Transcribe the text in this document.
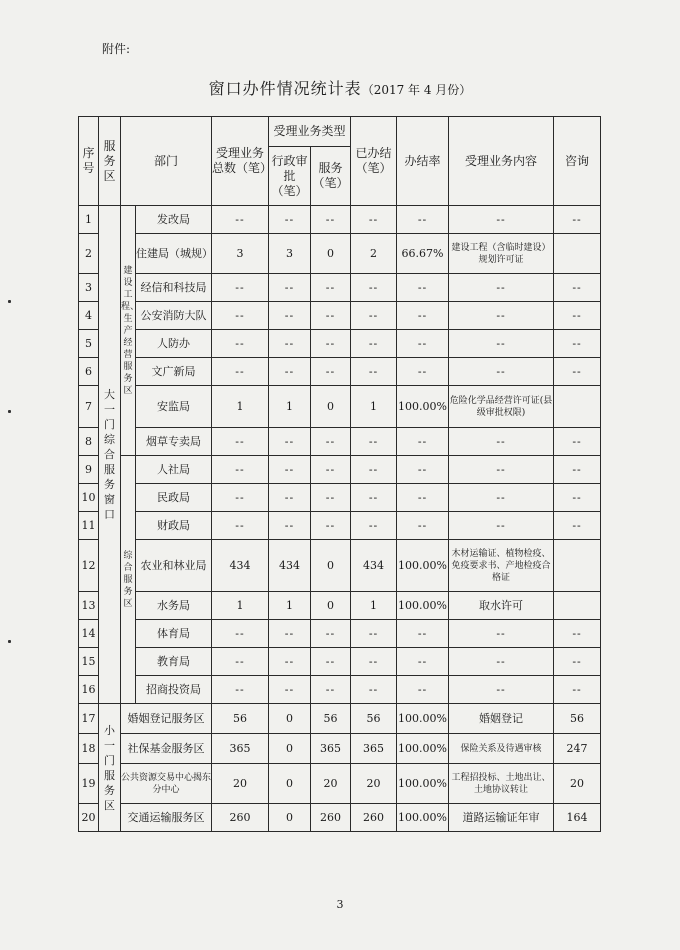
附件:
窗口办件情况统计表（2017 年 4 月份）
序号	服务区	部门		受理业务总数（笔）	受理业务类型		已办结（笔）	办结率	受理业务内容	咨询
					行政审批（笔）	服务（笔）				
1	大一门综合服务窗口	建设工程、生产经营服务区	发改局	--	--	--	--	--	--	--
2			住建局（城规）	3	3	0	2	66.67%	建设工程（含临时建设）规划许可证	
3			经信和科技局	--	--	--	--	--	--	--
4			公安消防大队	--	--	--	--	--	--	--
5			人防办	--	--	--	--	--	--	--
6			文广新局	--	--	--	--	--	--	--
7			安监局	1	1	0	1	100.00%	危险化学品经营许可证(县级审批权限)	
8			烟草专卖局	--	--	--	--	--	--	--
9		综合服务区	人社局	--	--	--	--	--	--	--
10			民政局	--	--	--	--	--	--	--
11			财政局	--	--	--	--	--	--	--
12			农业和林业局	434	434	0	434	100.00%	木材运输证、植物检疫、免疫要求书、产地检疫合格证	
13			水务局	1	1	0	1	100.00%	取水许可	
14			体育局	--	--	--	--	--	--	--
15			教育局	--	--	--	--	--	--	--
16			招商投资局	--	--	--	--	--	--	--
17	小一门服务区	婚姻登记服务区		56	0	56	56	100.00%	婚姻登记	56
18		社保基金服务区		365	0	365	365	100.00%	保险关系及待遇审核	247
19		公共资源交易中心揭东分中心		20	0	20	20	100.00%	工程招投标、土地出让、土地协议转让	20
20		交通运输服务区		260	0	260	260	100.00%	道路运输证年审	164
3
